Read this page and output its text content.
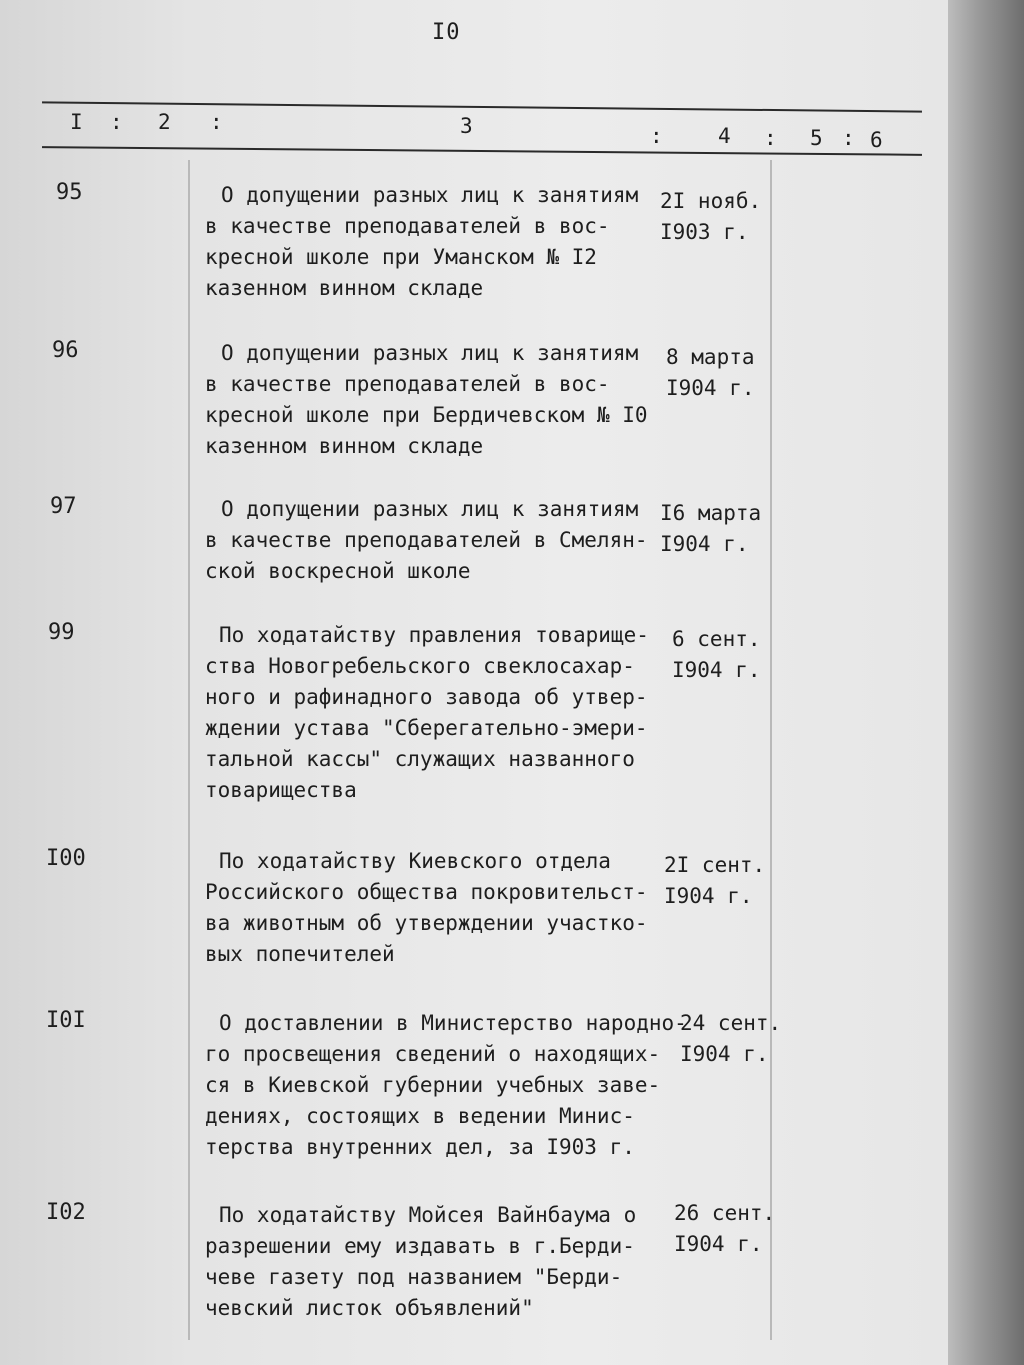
I0
I : 2 :	3	:	4 : 5 : 6
95	О допущении разных лиц к занятиям
в качестве преподавателей в вос-
кресной школе при Уманском № I2
казенном винном складе
2I нояб.
I903 г.
96	О допущении разных лиц к занятиям
в качестве преподавателей в вос-
кресной школе при Бердичевском № I0
казенном винном складе
8 марта
I904 г.
97	О допущении разных лиц к занятиям
в качестве преподавателей в Смелян-
ской воскресной школе
I6 марта
I904 г.
99	По ходатайству правления товарище-
ства Новогребельского свеклосахар-
ного и рафинадного завода об утвер-
ждении устава "Сберегательно-эмери-
тальной кассы" служащих названного
товарищества
6 сент.
I904 г.
I00	По ходатайству Киевского отдела
Российского общества покровительст-
ва животным об утверждении участко-
вых попечителей
2I сент.
I904 г.
I0I	О доставлении в Министерство народно-
го просвещения сведений о находящих-
ся в Киевской губернии учебных заве-
дениях, состоящих в ведении Минис-
терства внутренних дел, за I903 г.
24 сент.
I904 г.
I02	По ходатайству Мойсея Вайнбаума о
разрешении ему издавать в г.Берди-
чеве газету под названием "Берди-
чевский листок объявлений"
26 сент.
I904 г.
